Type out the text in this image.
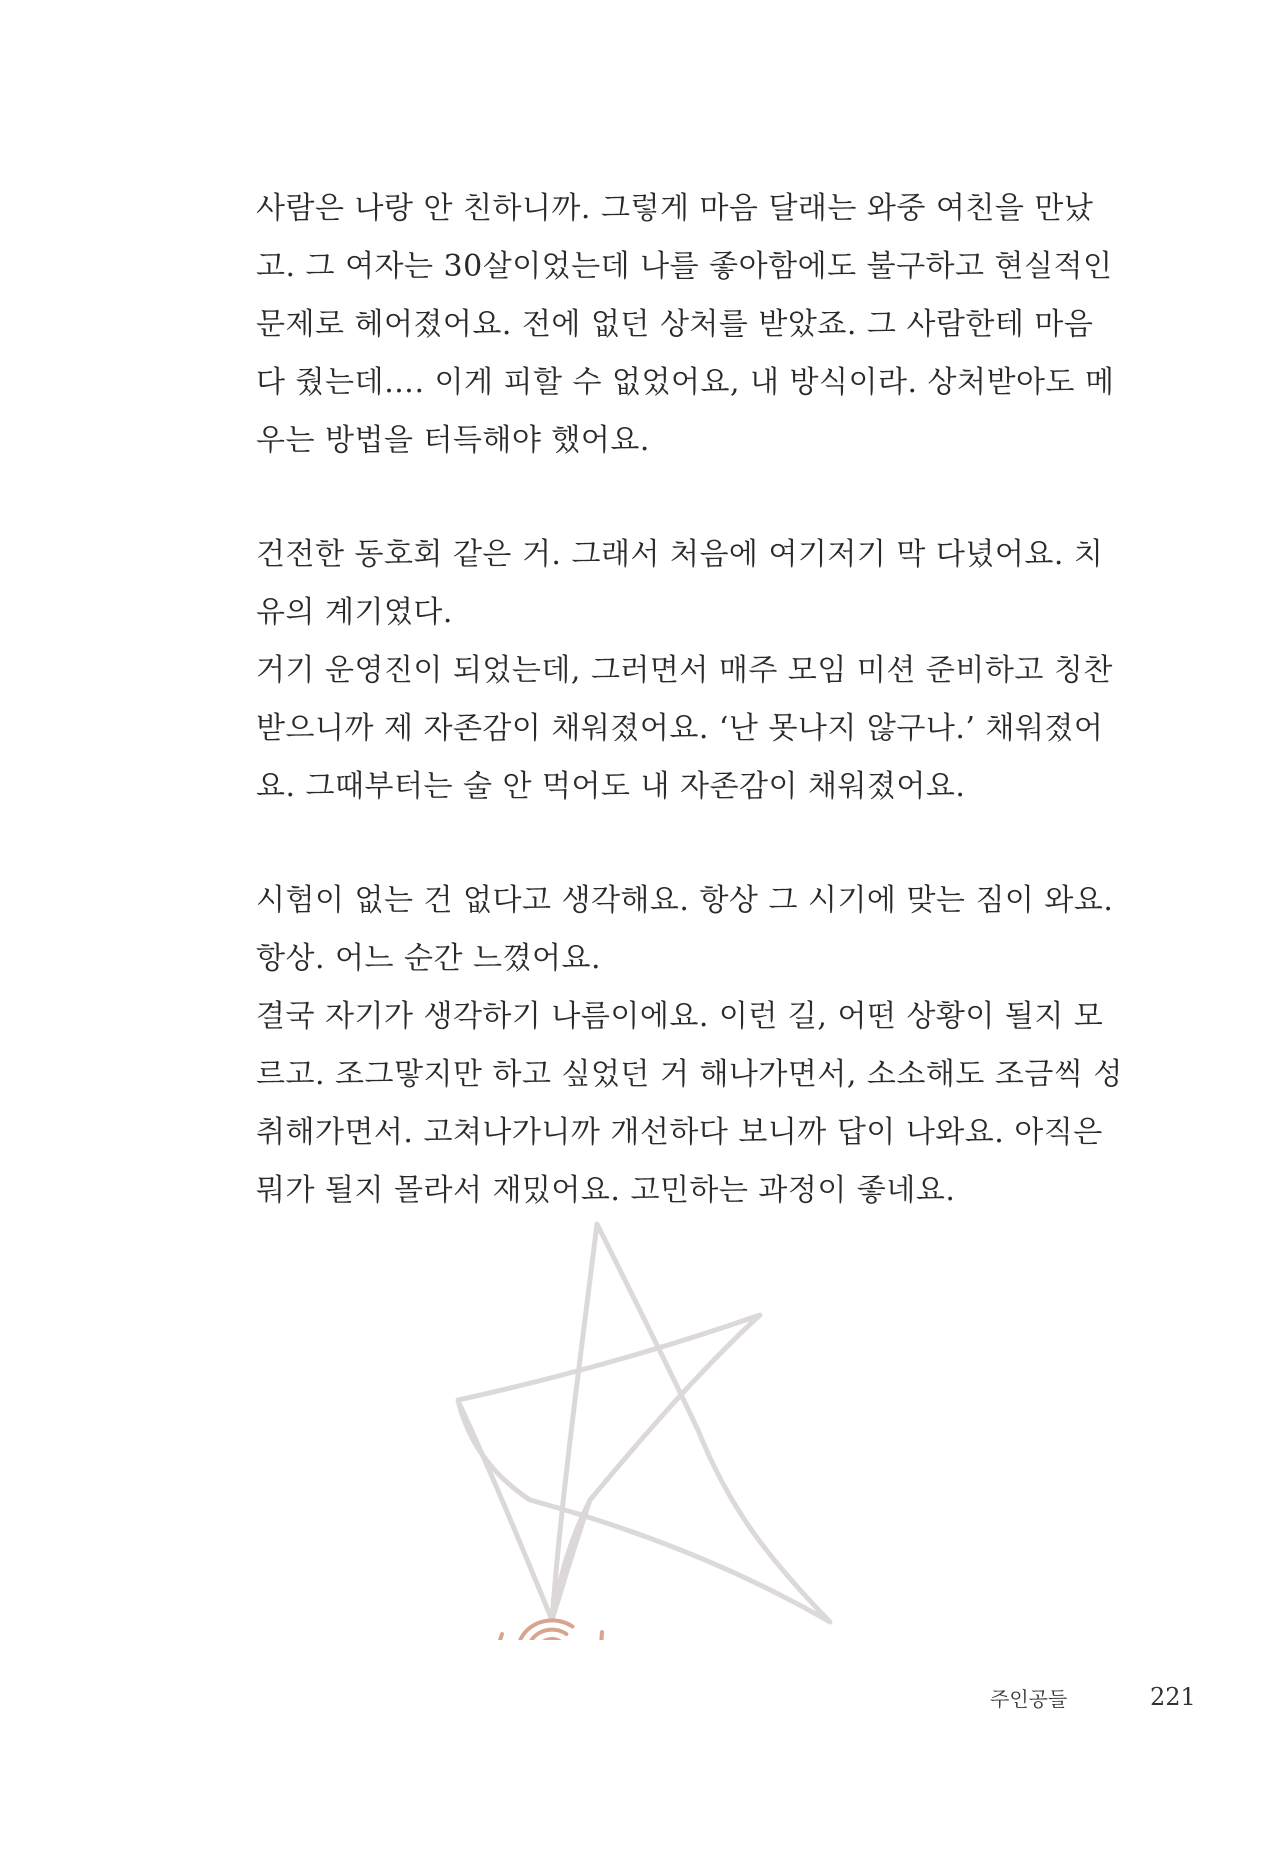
사람은 나랑 안 친하니까. 그렇게 마음 달래는 와중 여친을 만났
고. 그 여자는 30살이었는데 나를 좋아함에도 불구하고 현실적인
문제로 헤어졌어요. 전에 없던 상처를 받았죠. 그 사람한테 마음
다 줬는데…. 이게 피할 수 없었어요, 내 방식이라. 상처받아도 메
우는 방법을 터득해야 했어요.
건전한 동호회 같은 거. 그래서 처음에 여기저기 막 다녔어요. 치
유의 계기였다.
거기 운영진이 되었는데, 그러면서 매주 모임 미션 준비하고 칭찬
받으니까 제 자존감이 채워졌어요. ‘난 못나지 않구나.’ 채워졌어
요. 그때부터는 술 안 먹어도 내 자존감이 채워졌어요.
시험이 없는 건 없다고 생각해요. 항상 그 시기에 맞는 짐이 와요.
항상. 어느 순간 느꼈어요.
결국 자기가 생각하기 나름이에요. 이런 길, 어떤 상황이 될지 모
르고. 조그맣지만 하고 싶었던 거 해나가면서, 소소해도 조금씩 성
취해가면서. 고쳐나가니까 개선하다 보니까 답이 나와요. 아직은
뭐가 될지 몰라서 재밌어요. 고민하는 과정이 좋네요.
주인공들	221
